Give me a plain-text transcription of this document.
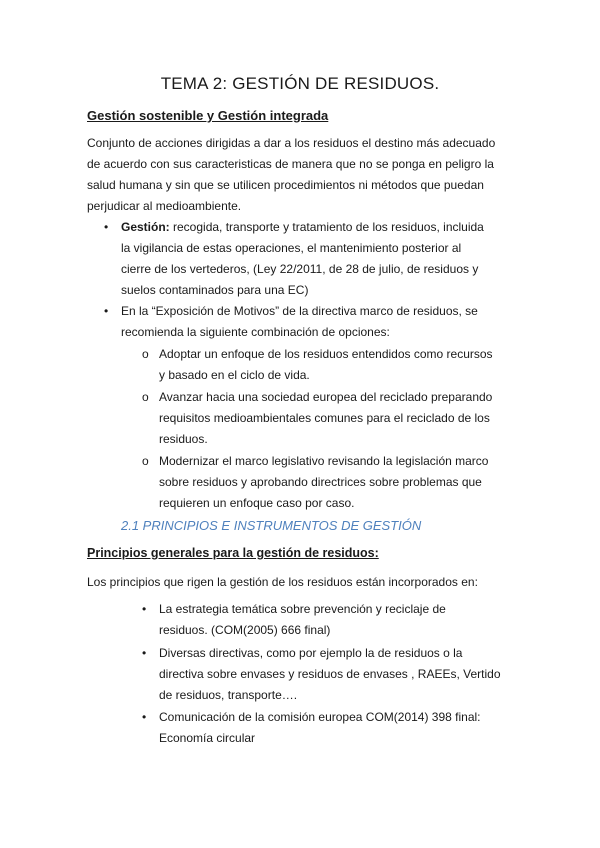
TEMA 2: GESTIÓN DE RESIDUOS.
Gestión sostenible y Gestión integrada
Conjunto de acciones dirigidas a dar a los residuos el destino más adecuado
de acuerdo con sus caracteristicas de manera que no se ponga en peligro la
salud humana y sin que se utilicen procedimientos ni métodos que puedan
perjudicar al medioambiente.
• Gestión: recogida, transporte y tratamiento de los residuos, incluida
la vigilancia de estas operaciones, el mantenimiento posterior al
cierre de los vertederos, (Ley 22/2011, de 28 de julio, de residuos y
suelos contaminados para una EC)
• En la “Exposición de Motivos” de la directiva marco de residuos, se
recomienda la siguiente combinación de opciones:
o Adoptar un enfoque de los residuos entendidos como recursos
y basado en el ciclo de vida.
o Avanzar hacia una sociedad europea del reciclado preparando
requisitos medioambientales comunes para el reciclado de los
residuos.
o Modernizar el marco legislativo revisando la legislación marco
sobre residuos y aprobando directrices sobre problemas que
requieren un enfoque caso por caso.
2.1 PRINCIPIOS E INSTRUMENTOS DE GESTIÓN
Principios generales para la gestión de residuos:
Los principios que rigen la gestión de los residuos están incorporados en:
• La estrategia temática sobre prevención y reciclaje de
residuos. (COM(2005) 666 final)
• Diversas directivas, como por ejemplo la de residuos o la
directiva sobre envases y residuos de envases , RAEEs, Vertido
de residuos, transporte….
• Comunicación de la comisión europea COM(2014) 398 final:
Economía circular
